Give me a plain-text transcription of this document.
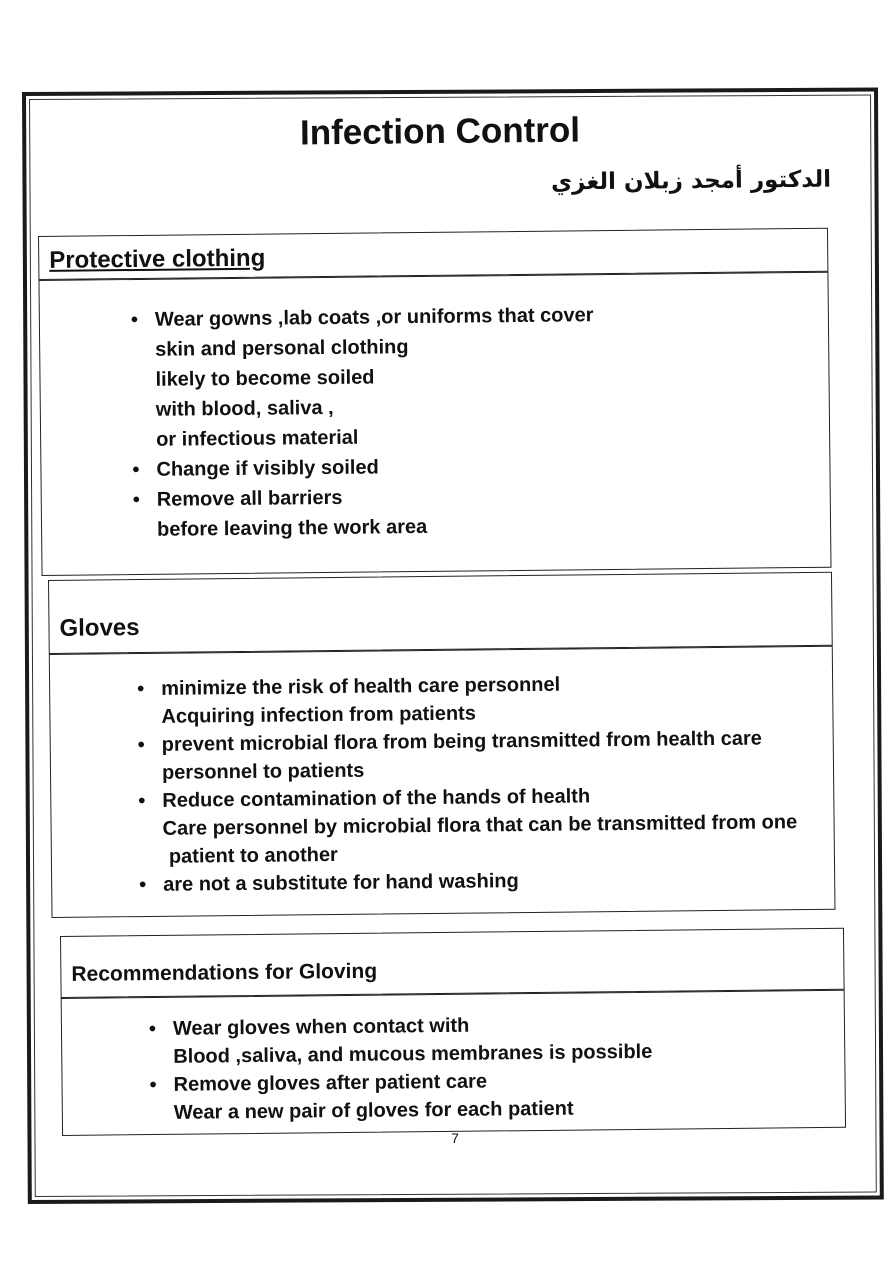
Infection Control
الدكتور أمجد زبلان الغزي
Protective clothing
• Wear gowns ,lab coats ,or uniforms that cover
skin and personal clothing
likely to become soiled
with blood, saliva ,
or infectious material
• Change if visibly soiled
• Remove all barriers
before leaving the work area
Gloves
• minimize the risk of health care personnel
Acquiring infection from patients
• prevent microbial flora from being transmitted from health care
personnel to patients
• Reduce contamination of the hands of health
Care personnel by microbial flora that can be transmitted from one
patient to another
• are not a substitute for hand washing
Recommendations for Gloving
• Wear gloves when contact with
Blood ,saliva, and mucous membranes is possible
• Remove gloves after patient care
Wear a new pair of gloves for each patient
7
